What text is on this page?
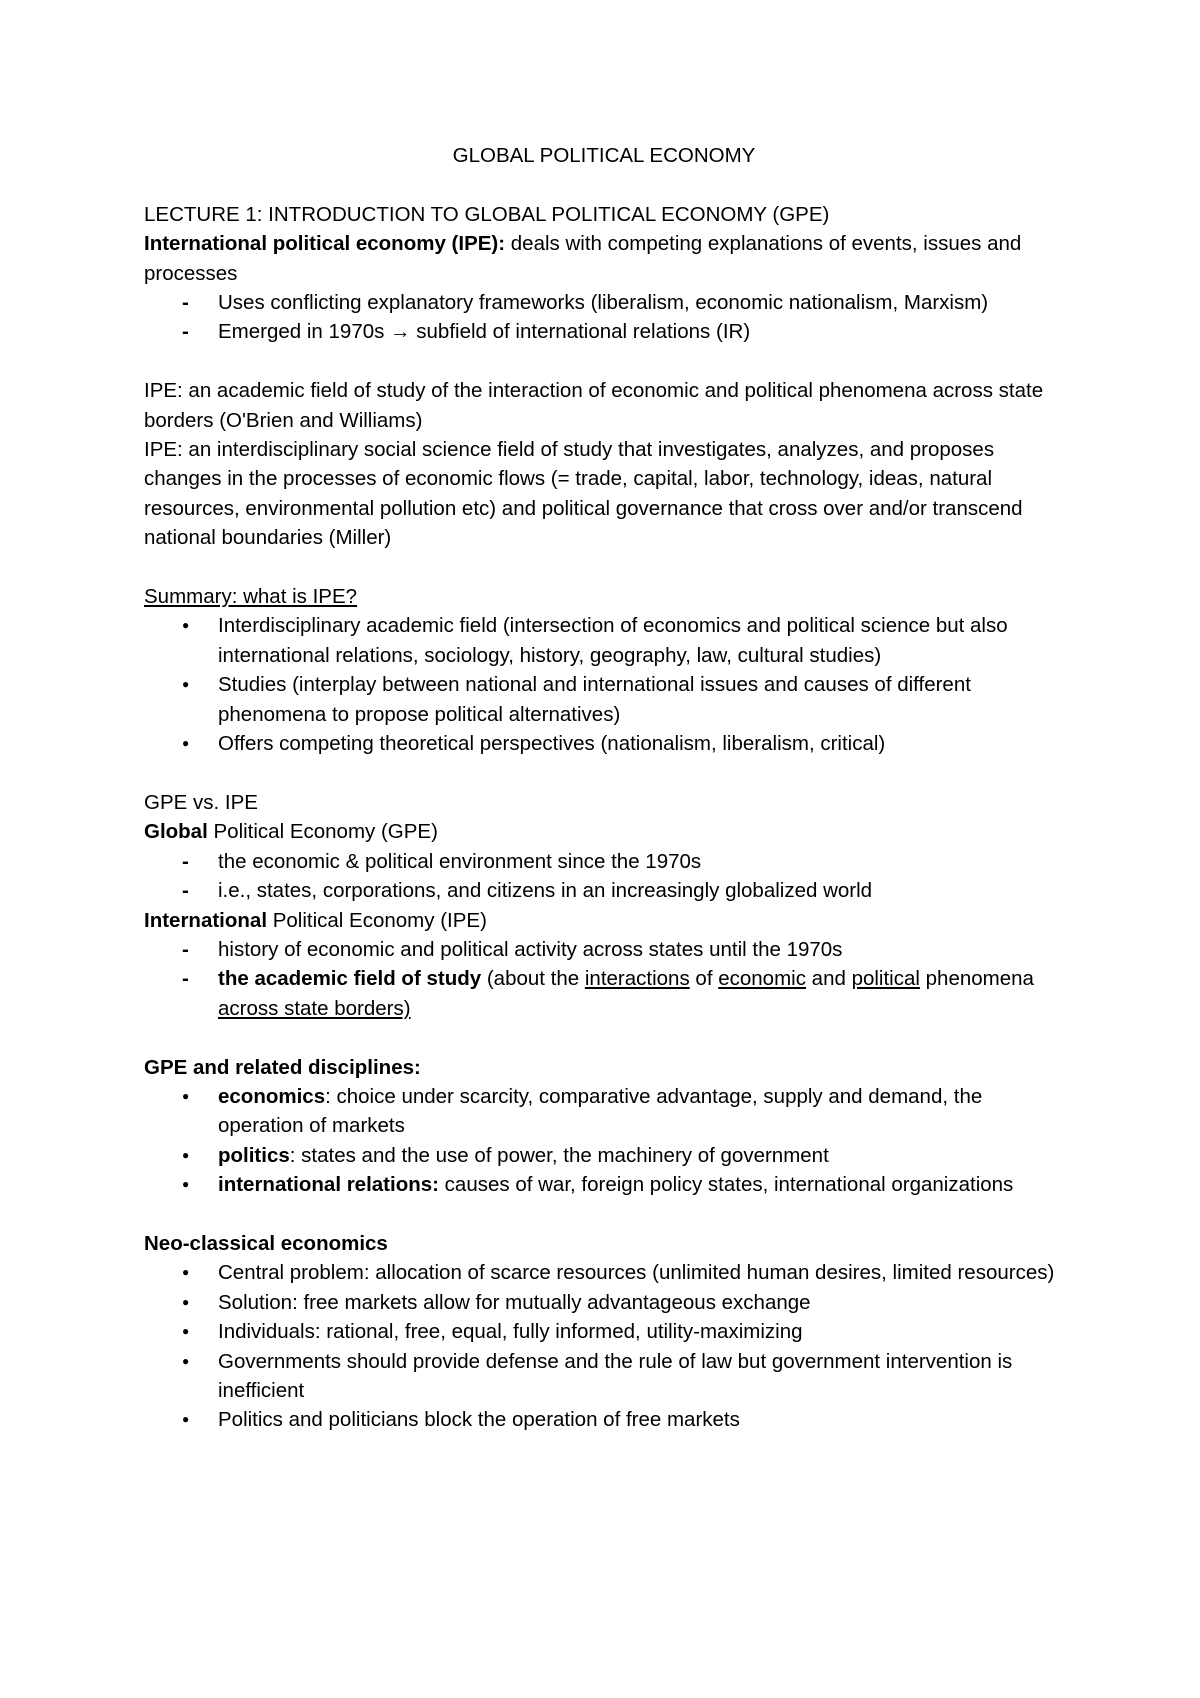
GLOBAL POLITICAL ECONOMY

LECTURE 1: INTRODUCTION TO GLOBAL POLITICAL ECONOMY (GPE)

International political economy (IPE): deals with competing explanations of events, issues and processes

-
Uses conflicting explanatory frameworks (liberalism, economic nationalism, Marxism)
-
Emerged in 1970s → subfield of international relations (IR)

IPE: an academic field of study of the interaction of economic and political phenomena across state borders (O'Brien and Williams)

IPE: an interdisciplinary social science field of study that investigates, analyzes, and proposes changes in the processes of economic flows (= trade, capital, labor, technology, ideas, natural resources, environmental pollution etc) and political governance that cross over and/or transcend national boundaries (Miller)

Summary: what is IPE?

●
Interdisciplinary academic field (intersection of economics and political science but also international relations, sociology, history, geography, law, cultural studies)
●
Studies (interplay between national and international issues and causes of different phenomena to propose political alternatives)
●
Offers competing theoretical perspectives (nationalism, liberalism, critical)

GPE vs. IPE

Global Political Economy (GPE)

-
the economic & political environment since the 1970s
-
i.e., states, corporations, and citizens in an increasingly globalized world

International Political Economy (IPE)

-
history of economic and political activity across states until the 1970s
-
the academic field of study (about the interactions of economic and political phenomena across state borders)

GPE and related disciplines:

●
economics: choice under scarcity, comparative advantage, supply and demand, the operation of markets
●
politics: states and the use of power, the machinery of government
●
international relations: causes of war, foreign policy states, international organizations

Neo-classical economics

●
Central problem: allocation of scarce resources (unlimited human desires, limited resources)
●
Solution: free markets allow for mutually advantageous exchange
●
Individuals: rational, free, equal, fully informed, utility-maximizing
●
Governments should provide defense and the rule of law but government intervention is inefficient
●
Politics and politicians block the operation of free markets
